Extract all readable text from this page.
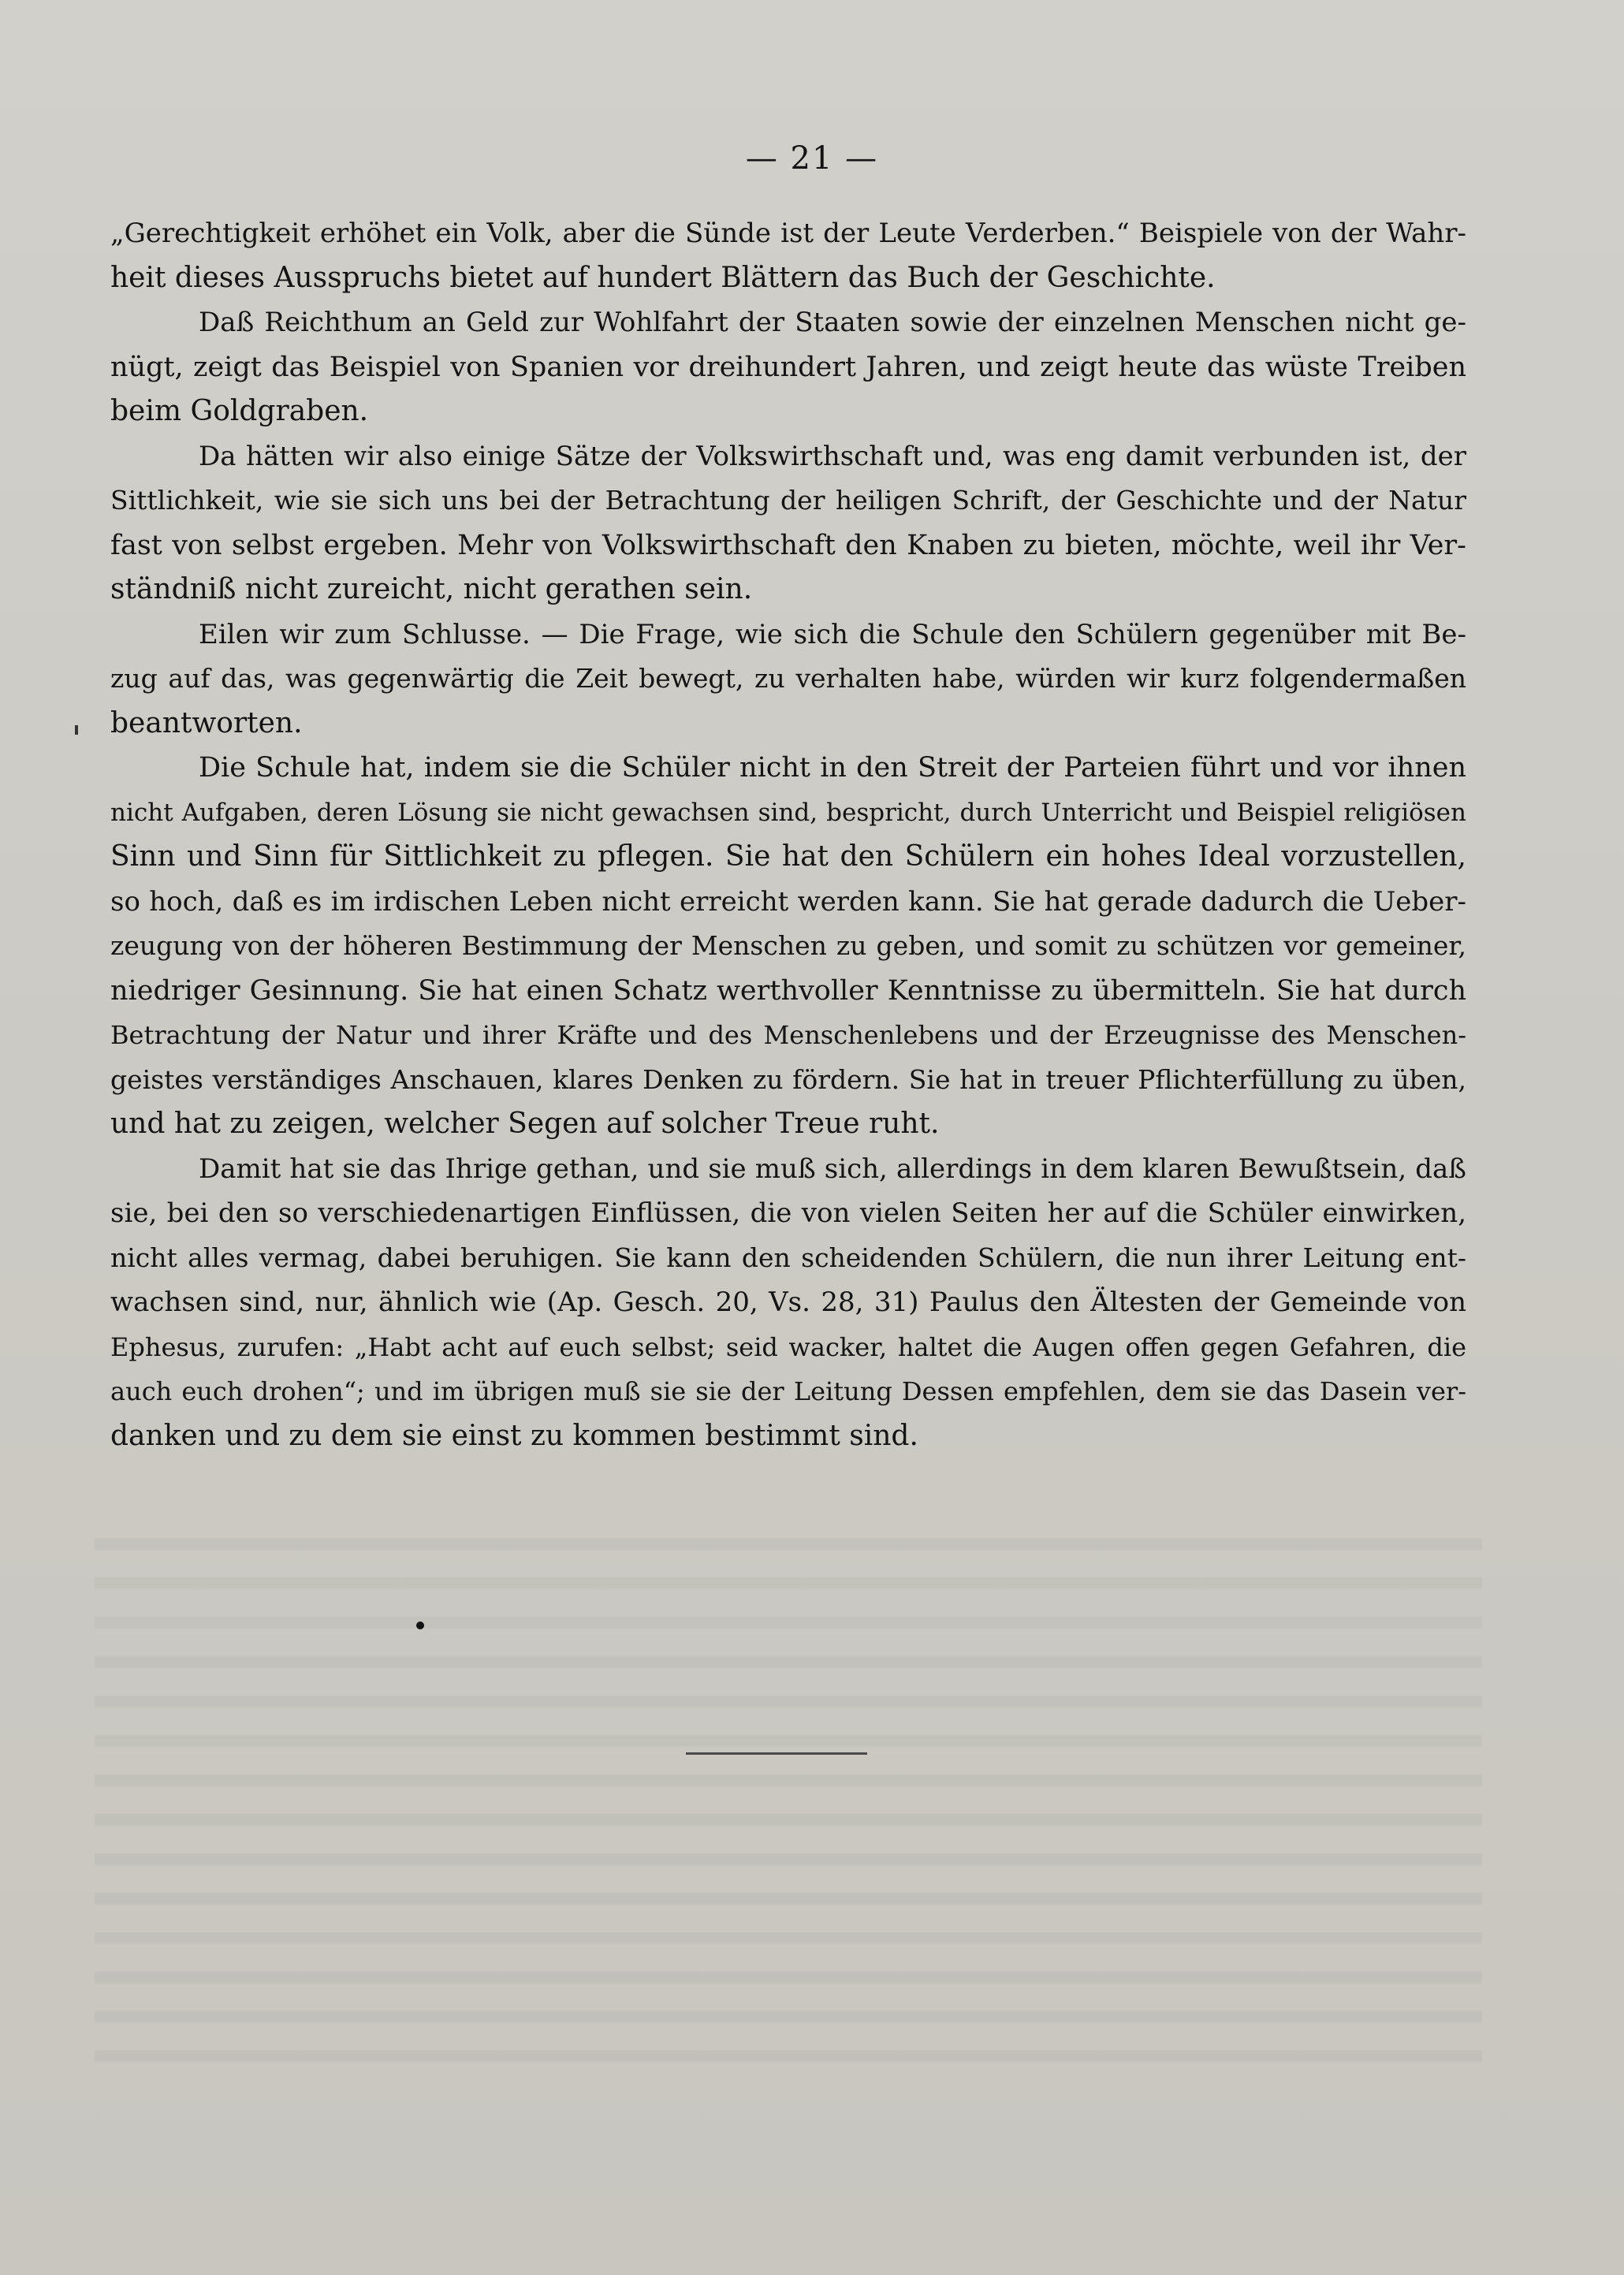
— 21 —
„Gerechtigkeit erhöhet ein Volk, aber die Sünde ist der Leute Verderben.“ Beispiele von der Wahr-
heit dieses Ausspruchs bietet auf hundert Blättern das Buch der Geschichte.
Daß Reichthum an Geld zur Wohlfahrt der Staaten sowie der einzelnen Menschen nicht ge-
nügt, zeigt das Beispiel von Spanien vor dreihundert Jahren, und zeigt heute das wüste Treiben
beim Goldgraben.
Da hätten wir also einige Sätze der Volkswirthschaft und, was eng damit verbunden ist, der
Sittlichkeit, wie sie sich uns bei der Betrachtung der heiligen Schrift, der Geschichte und der Natur
fast von selbst ergeben. Mehr von Volkswirthschaft den Knaben zu bieten, möchte, weil ihr Ver-
ständniß nicht zureicht, nicht gerathen sein.
Eilen wir zum Schlusse. — Die Frage, wie sich die Schule den Schülern gegenüber mit Be-
zug auf das, was gegenwärtig die Zeit bewegt, zu verhalten habe, würden wir kurz folgendermaßen
beantworten.
Die Schule hat, indem sie die Schüler nicht in den Streit der Parteien führt und vor ihnen
nicht Aufgaben, deren Lösung sie nicht gewachsen sind, bespricht, durch Unterricht und Beispiel religiösen
Sinn und Sinn für Sittlichkeit zu pflegen. Sie hat den Schülern ein hohes Ideal vorzustellen,
so hoch, daß es im irdischen Leben nicht erreicht werden kann. Sie hat gerade dadurch die Ueber-
zeugung von der höheren Bestimmung der Menschen zu geben, und somit zu schützen vor gemeiner,
niedriger Gesinnung. Sie hat einen Schatz werthvoller Kenntnisse zu übermitteln. Sie hat durch
Betrachtung der Natur und ihrer Kräfte und des Menschenlebens und der Erzeugnisse des Menschen-
geistes verständiges Anschauen, klares Denken zu fördern. Sie hat in treuer Pflichterfüllung zu üben,
und hat zu zeigen, welcher Segen auf solcher Treue ruht.
Damit hat sie das Ihrige gethan, und sie muß sich, allerdings in dem klaren Bewußtsein, daß
sie, bei den so verschiedenartigen Einflüssen, die von vielen Seiten her auf die Schüler einwirken,
nicht alles vermag, dabei beruhigen. Sie kann den scheidenden Schülern, die nun ihrer Leitung ent-
wachsen sind, nur, ähnlich wie (Ap. Gesch. 20, Vs. 28, 31) Paulus den Ältesten der Gemeinde von
Ephesus, zurufen: „Habt acht auf euch selbst; seid wacker, haltet die Augen offen gegen Gefahren, die
auch euch drohen“; und im übrigen muß sie sie der Leitung Dessen empfehlen, dem sie das Dasein ver-
danken und zu dem sie einst zu kommen bestimmt sind.
